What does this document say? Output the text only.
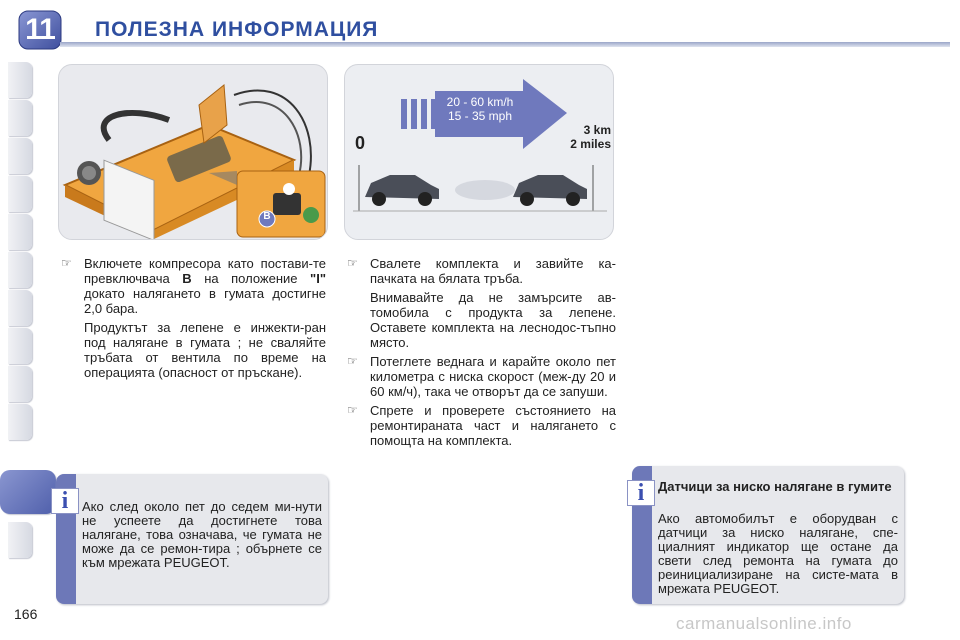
11	ПОЛЕЗНА ИНФОРМАЦИЯ
B
20 - 60 km/h
15 - 35 mph
0
3 km
2 miles
☞ Включете компресора като постави-те превключвача B на положение "I" докато налягането в гумата достигне 2,0 бара.
Продуктът за лепене е инжекти-ран под налягане в гумата ; не сваляйте тръбата от вентила по време на операцията (опасност от пръскане).
☞ Свалете комплекта и завийте ка-пачката на бялата тръба.
Внимавайте да не замърсите ав-томобила с продукта за лепене. Оставете комплекта на леснодос-тъпно място.
☞ Потеглете веднага и карайте около пет километра с ниска скорост (меж-ду 20 и 60 км/ч), така че отворът да се запуши.
☞ Спрете и проверете състоянието на ремонтираната част и налягането с помощта на комплекта.
i	Ако след около пет до седем ми-нути не успеете да достигнете това налягане, това означава, че гумата не може да се ремон-тира ; обърнете се към мрежата PEUGEOT.
i	Датчици за ниско налягане в гумите
Ако автомобилът е оборудван с датчици за ниско налягане, спе-циалният индикатор ще остане да свети след ремонта на гумата до реинициализиране на систе-мата в мрежата PEUGEOT.
166	carmanualsonline.info
